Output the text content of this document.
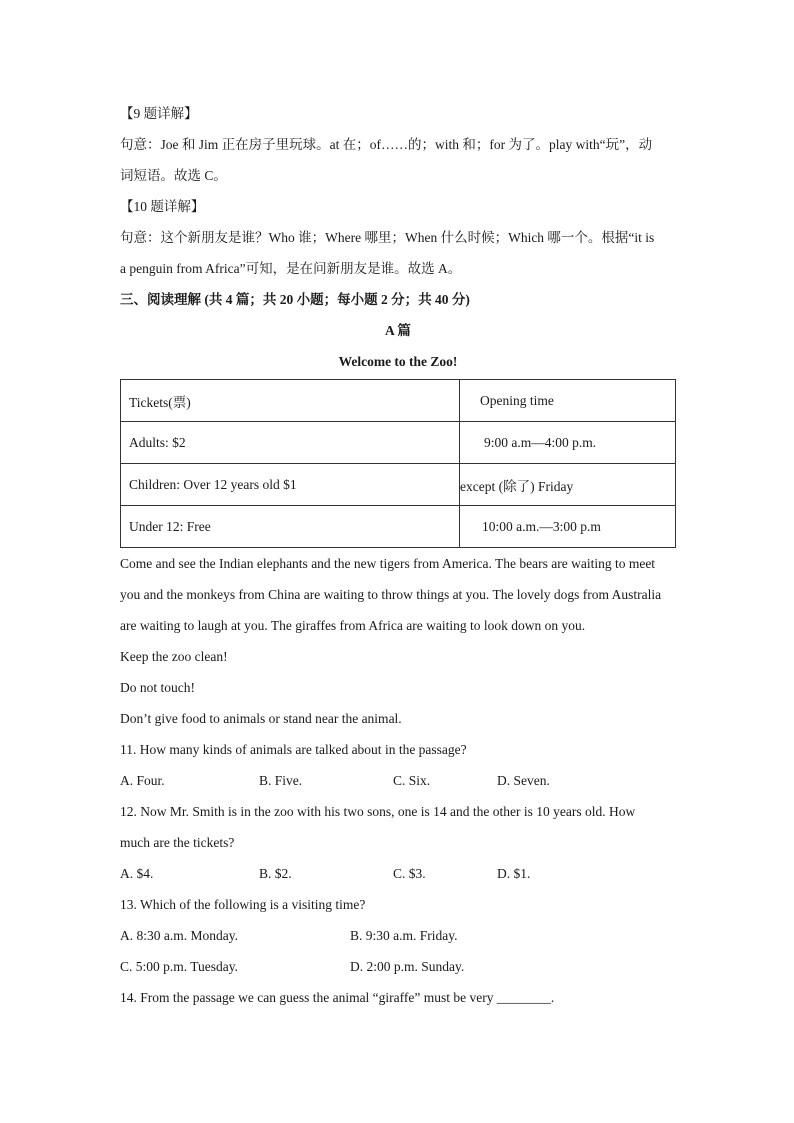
【9 题详解】
句意：Joe 和 Jim 正在房子里玩球。at 在；of……的；with 和；for 为了。play with“玩”，动
词短语。故选 C。
【10 题详解】
句意：这个新朋友是谁？Who 谁；Where 哪里；When 什么时候；Which 哪一个。根据“it is
a penguin from Africa”可知，是在问新朋友是谁。故选 A。
三、阅读理解 (共 4 篇；共 20 小题；每小题 2 分；共 40 分)
A 篇
Welcome to the Zoo!
Tickets(票)	Opening time
Adults: $2	9:00 a.m—4:00 p.m.
Children: Over 12 years old $1	except (除了) Friday
Under 12: Free	10:00 a.m.—3:00 p.m
Come and see the Indian elephants and the new tigers from America. The bears are waiting to meet
you and the monkeys from China are waiting to throw things at you. The lovely dogs from Australia
are waiting to laugh at you. The giraffes from Africa are waiting to look down on you.
Keep the zoo clean!
Do not touch!
Don’t give food to animals or stand near the animal.
11. How many kinds of animals are talked about in the passage?
A. Four.	B. Five.	C. Six.	D. Seven.
12. Now Mr. Smith is in the zoo with his two sons, one is 14 and the other is 10 years old. How
much are the tickets?
A. $4.	B. $2.	C. $3.	D. $1.
13. Which of the following is a visiting time?
A. 8:30 a.m. Monday.	B. 9:30 a.m. Friday.
C. 5:00 p.m. Tuesday.	D. 2:00 p.m. Sunday.
14. From the passage we can guess the animal “giraffe” must be very ________.
